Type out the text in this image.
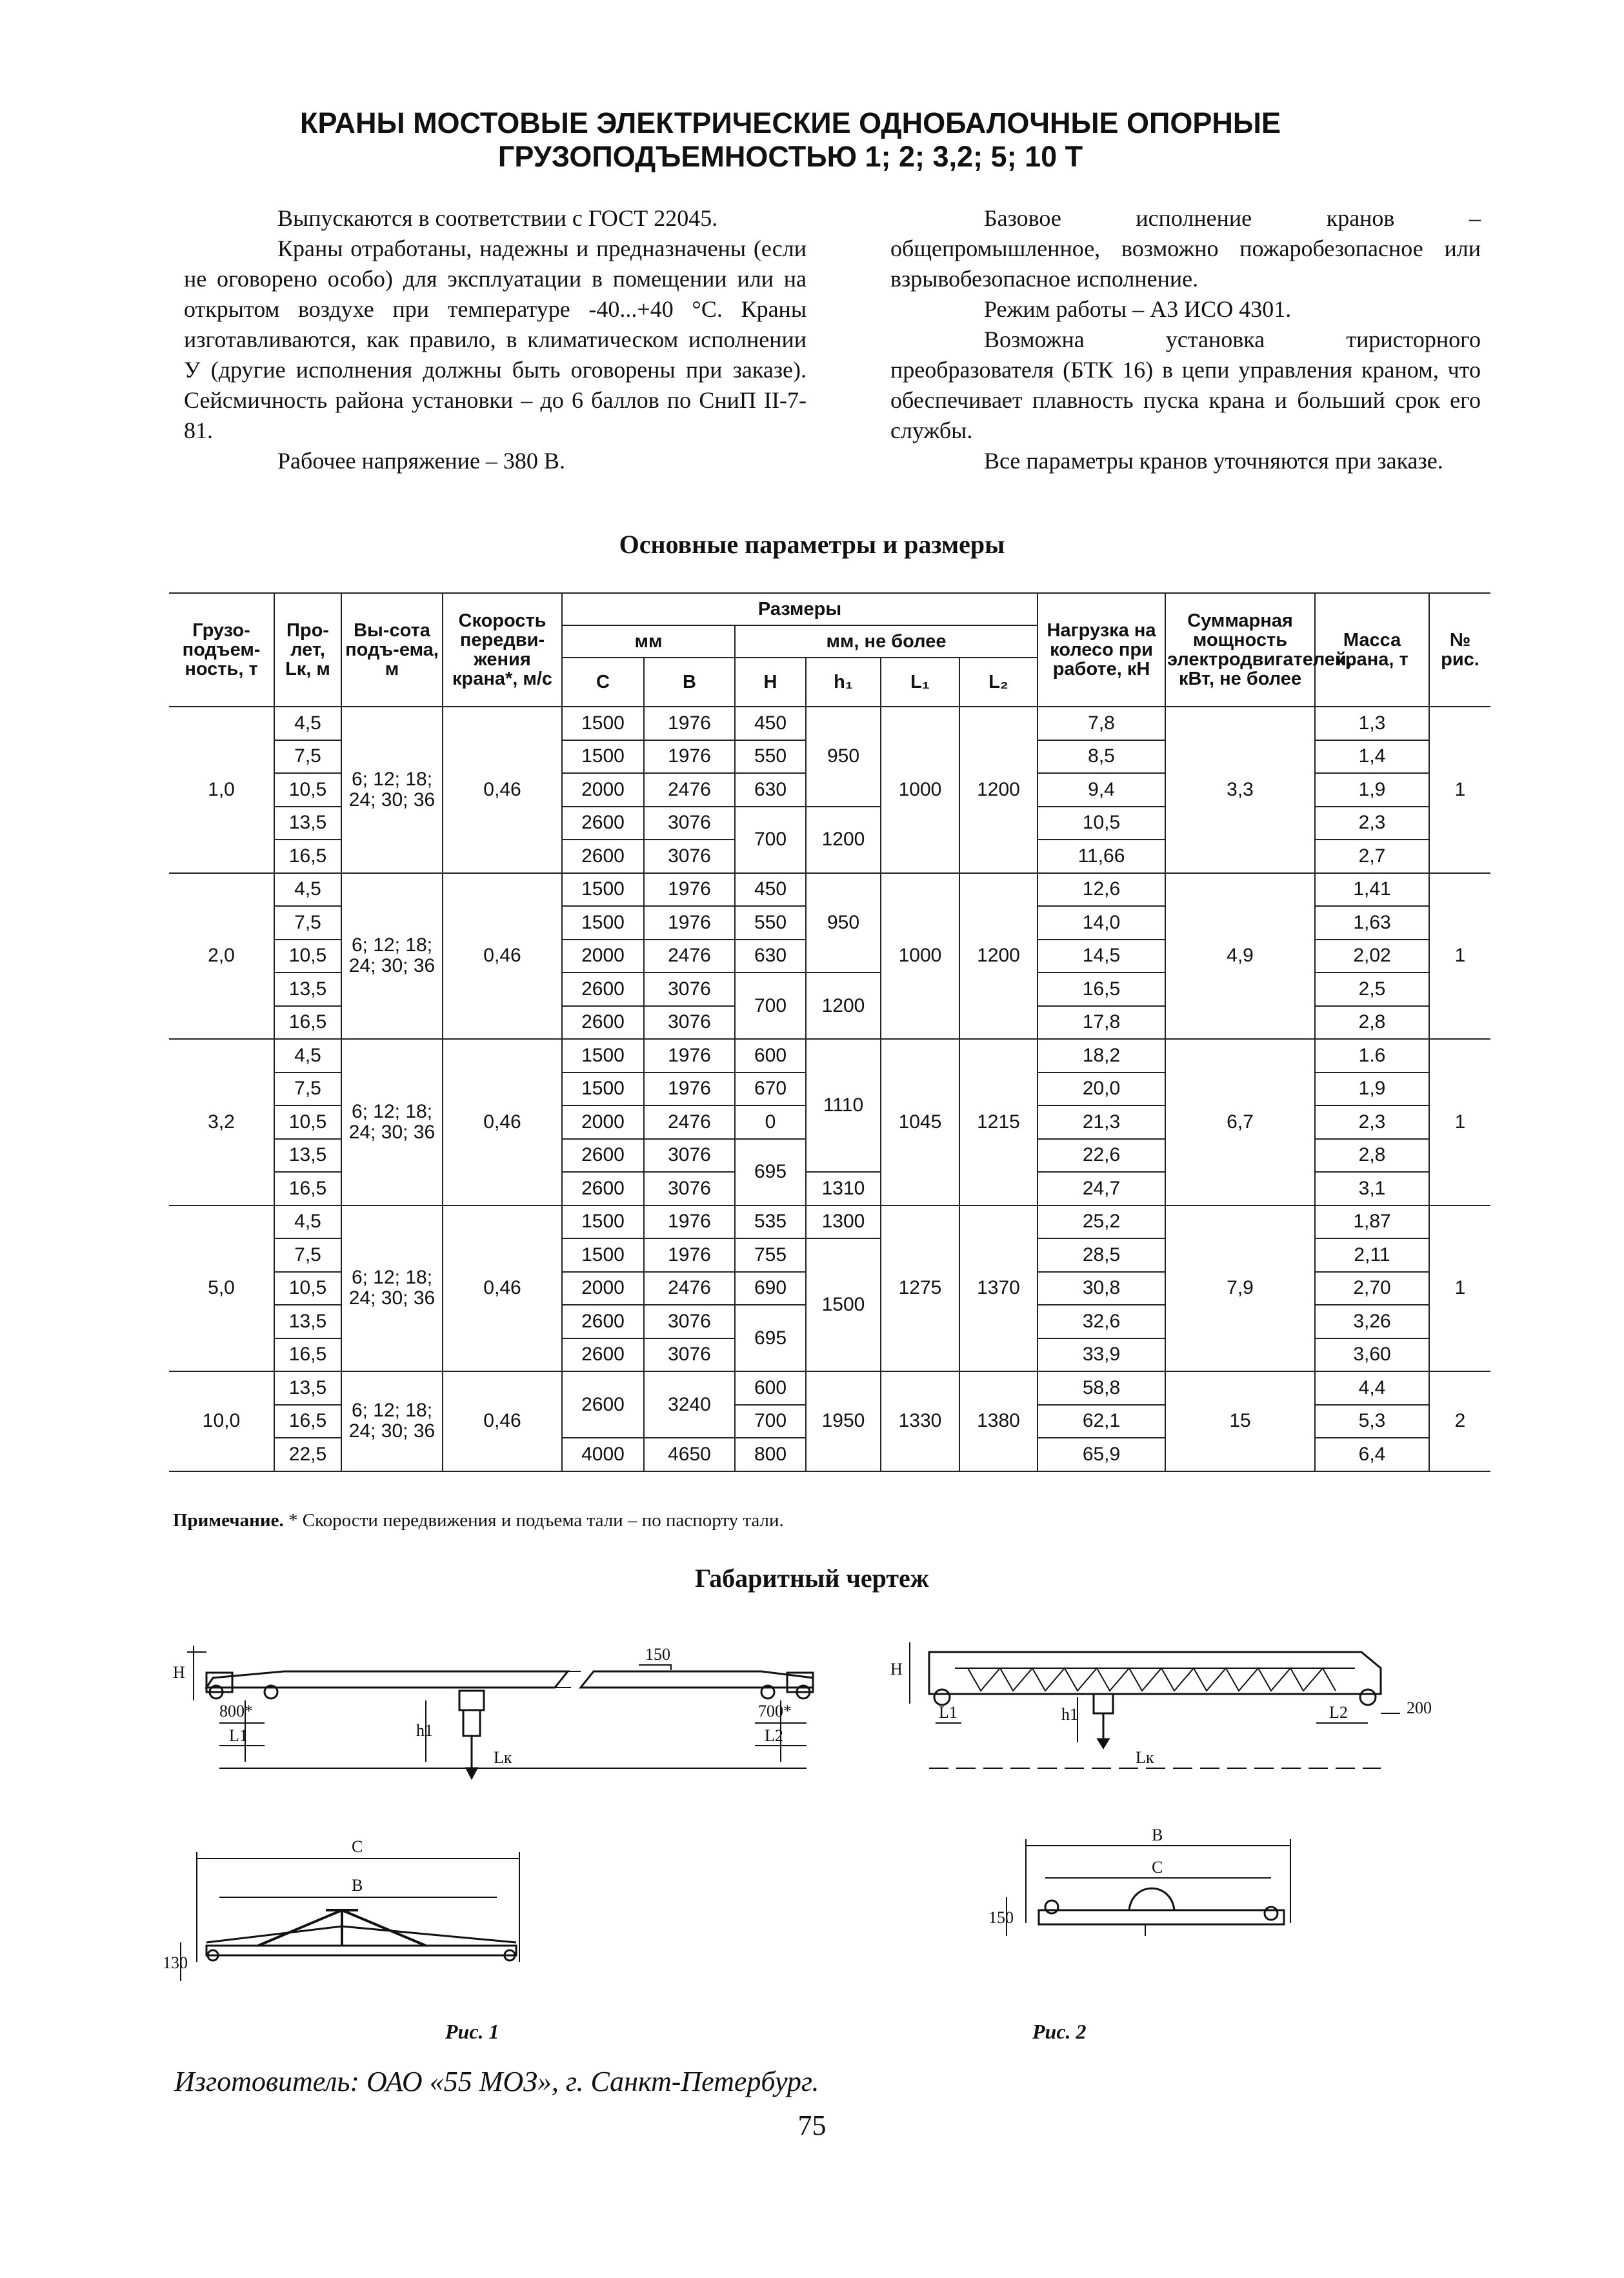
КРАНЫ МОСТОВЫЕ ЭЛЕКТРИЧЕСКИЕ ОДНОБАЛОЧНЫЕ ОПОРНЫЕ
ГРУЗОПОДЪЕМНОСТЬЮ 1; 2; 3,2; 5; 10 Т

Выпускаются в соответствии с ГОСТ 22045.

Краны отработаны, надежны и предназначены (если не оговорено особо) для эксплуатации в помещении или на открытом воздухе при температуре -40...+40 °С. Краны изготавливаются, как правило, в климатическом исполнении У (другие исполнения должны быть оговорены при заказе). Сейсмичность района установки – до 6 баллов по СниП II-7-81.

Рабочее напряжение – 380 В.

Базовое исполнение кранов – общепромышленное, возможно пожаробезопасное или взрывобезопасное исполнение.

Режим работы – А3 ИСО 4301.

Возможна установка тиристорного преобразователя (БТК 16) в цепи управления краном, что обеспечивает плавность пуска крана и больший срок его службы.

Все параметры кранов уточняются при заказе.

Основные параметры и размеры
Грузо-подъем-ность, т	Про-лет, Lк, м	Вы-сота подъ-ема, м	Скорость передви-жения крана*, м/с	Размеры						Нагрузка на колесо при работе, кН	Суммарная мощность электродвигателей, кВт, не более	Масса крана, т	№ рис.
				мм		мм, не более							
				С	В	Н	h₁	L₁	L₂				
1,0	4,5	6; 12; 18; 24; 30; 36	0,46	1500	1976	450	950	1000	1200	7,8	3,3	1,3	1
	7,5			1500	1976	550				8,5		1,4	
	10,5			2000	2476	630				9,4		1,9	
	13,5			2600	3076	700	1200			10,5		2,3	
	16,5			2600	3076					11,66		2,7	
2,0	4,5	6; 12; 18; 24; 30; 36	0,46	1500	1976	450	950	1000	1200	12,6	4,9	1,41	1
	7,5			1500	1976	550				14,0		1,63	
	10,5			2000	2476	630				14,5		2,02	
	13,5			2600	3076	700	1200			16,5		2,5	
	16,5			2600	3076					17,8		2,8	
3,2	4,5	6; 12; 18; 24; 30; 36	0,46	1500	1976	600	1110	1045	1215	18,2	6,7	1.6	1
	7,5			1500	1976	670				20,0		1,9	
	10,5			2000	2476	0				21,3		2,3	
	13,5			2600	3076	695				22,6		2,8	
	16,5			2600	3076		1310			24,7		3,1	
5,0	4,5	6; 12; 18; 24; 30; 36	0,46	1500	1976	535	1300	1275	1370	25,2	7,9	1,87	1
	7,5			1500	1976	755	1500			28,5		2,11	
	10,5			2000	2476	690				30,8		2,70	
	13,5			2600	3076	695				32,6		3,26	
	16,5			2600	3076					33,9		3,60	
10,0	13,5	6; 12; 18; 24; 30; 36	0,46	2600	3240	600	1950	1330	1380	58,8	15	4,4	2
	16,5					700				62,1		5,3	
	22,5			4000	4650	800				65,9		6,4	
Примечание. * Скорости передвижения и подъема тали – по паспорту тали.
Габаритный чертеж
Н
150
h1
800*
L1
700*
L2
Lк
С
В
130
Рис. 1
Н
L1	L2	200
h1
Lк
В
С
150
Рис. 2
Изготовитель: ОАО «55 МОЗ», г. Санкт-Петербург.
75
